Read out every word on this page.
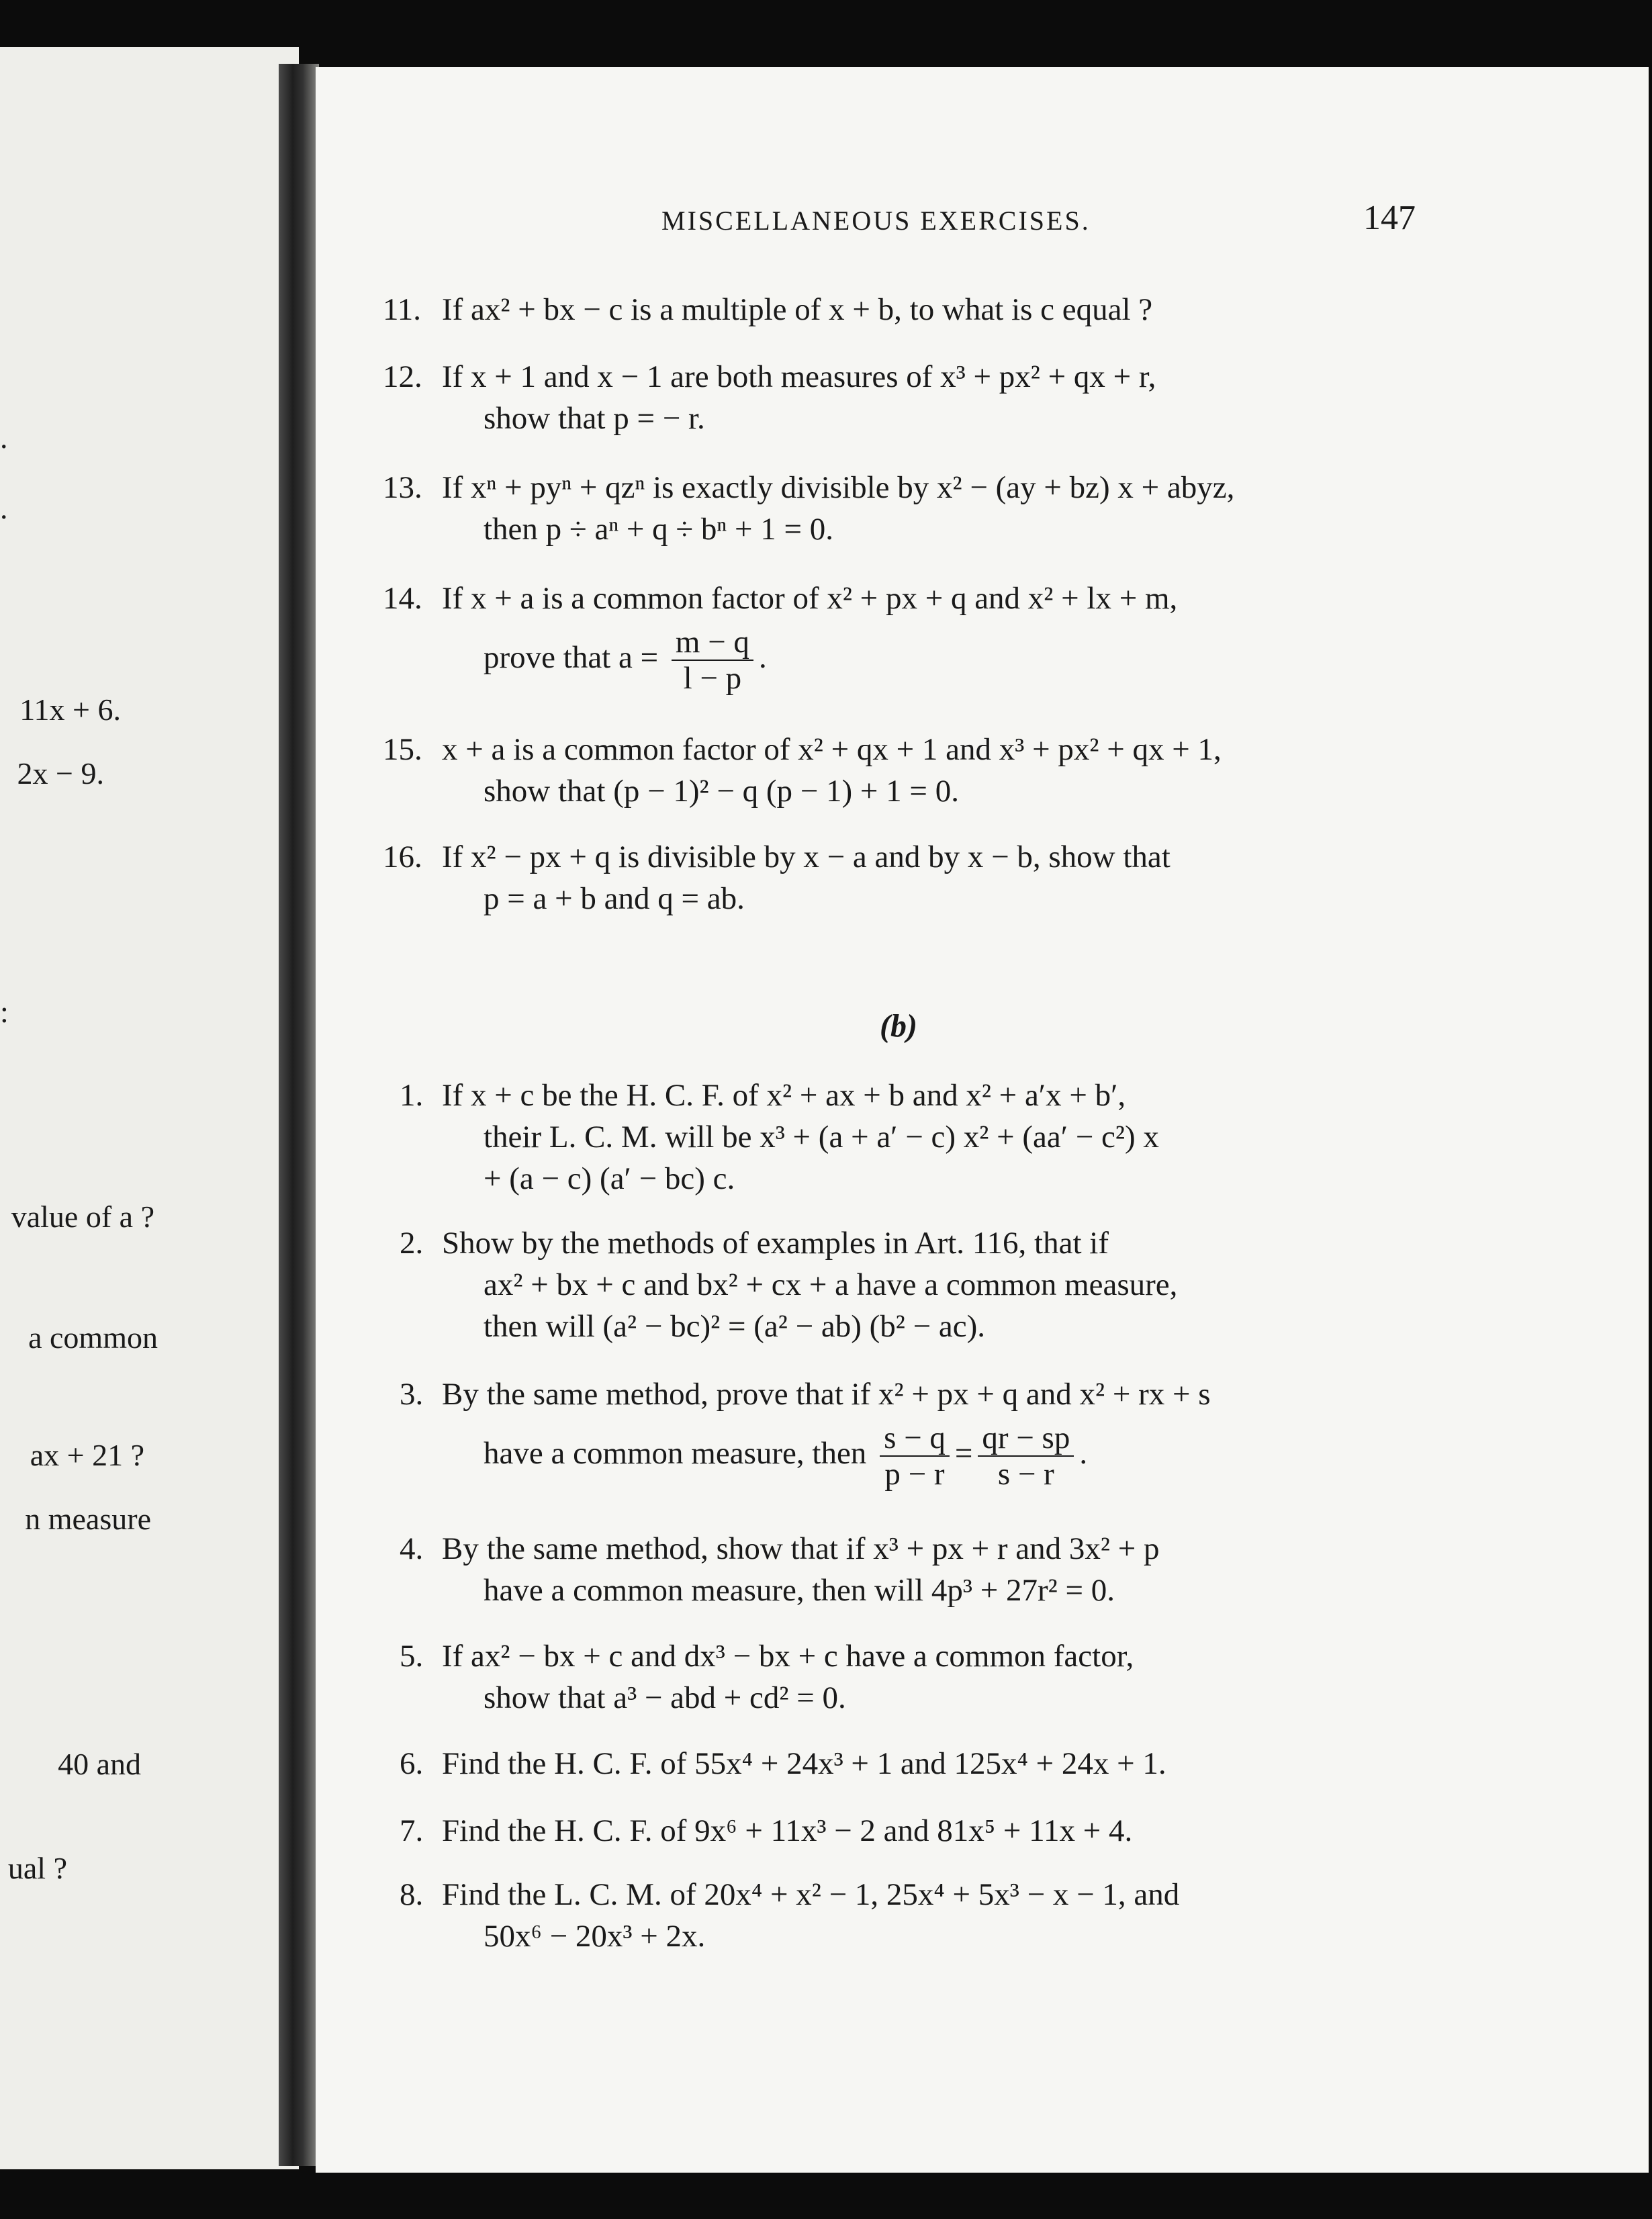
.
.
:
11x + 6.
2x − 9.
value of a ?
a common
ax + 21 ?
n measure
40 and
ual ?
MISCELLANEOUS EXERCISES.	147
11. If ax² + bx − c is a multiple of x + b, to what is c equal ?
12. If x + 1 and x − 1 are both measures of x³ + px² + qx + r,
show that p = − r.
13. If xⁿ + pyⁿ + qzⁿ is exactly divisible by x² − (ay + bz) x + abyz,
then p ÷ aⁿ + q ÷ bⁿ + 1 = 0.
14. If x + a is a common factor of x² + px + q and x² + lx + m,
prove that $a = \frac{m - q}{l - p}$ .
15. x + a is a common factor of x² + qx + 1 and x³ + px² + qx + 1,
show that (p − 1)² − q (p − 1) + 1 = 0.
16. If x² − px + q is divisible by x − a and by x − b, show that
p = a + b and q = ab.
(b)
1. If x + c be the H. C. F. of x² + ax + b and x² + a′x + b′,
their L. C. M. will be x³ + (a + a′ − c) x² + (aa′ − c²) x
+ (a − c) (a′ − bc) c.
2. Show by the methods of examples in Art. 116, that if
ax² + bx + c and bx² + cx + a have a common measure,
then will (a² − bc)² = (a² − ab) (b² − ac).
3. By the same method, prove that if x² + px + q and x² + rx + s
have a common measure, then $\frac{s - q}{p - r} = \frac{qr - sp}{s - r}$ .
4. By the same method, show that if x³ + px + r and 3x² + p
have a common measure, then will 4p³ + 27r² = 0.
5. If ax² − bx + c and dx³ − bx + c have a common factor,
show that a³ − abd + cd² = 0.
6. Find the H. C. F. of 55x⁴ + 24x³ + 1 and 125x⁴ + 24x + 1.
7. Find the H. C. F. of 9x⁶ + 11x³ − 2 and 81x⁵ + 11x + 4.
8. Find the L. C. M. of 20x⁴ + x² − 1, 25x⁴ + 5x³ − x − 1, and
50x⁶ − 20x³ + 2x.
